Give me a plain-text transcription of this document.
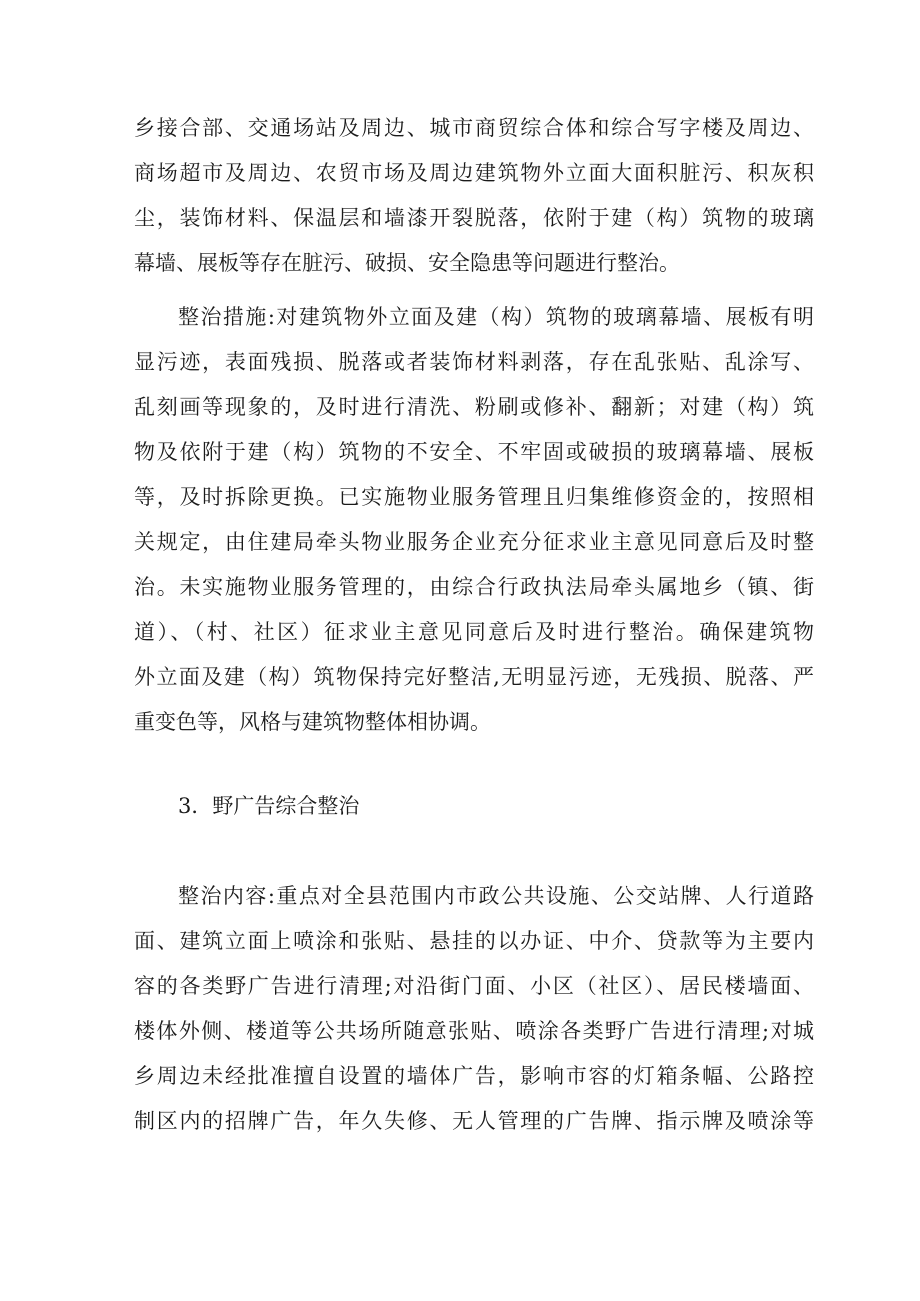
乡接合部、交通场站及周边、城市商贸综合体和综合写字楼及周边、
商场超市及周边、农贸市场及周边建筑物外立面大面积脏污、积灰积
尘，装饰材料、保温层和墙漆开裂脱落，依附于建（构）筑物的玻璃
幕墙、展板等存在脏污、破损、安全隐患等问题进行整治。
整治措施:对建筑物外立面及建（构）筑物的玻璃幕墙、展板有明
显污迹，表面残损、脱落或者装饰材料剥落，存在乱张贴、乱涂写、
乱刻画等现象的，及时进行清洗、粉刷或修补、翻新；对建（构）筑
物及依附于建（构）筑物的不安全、不牢固或破损的玻璃幕墙、展板
等，及时拆除更换。已实施物业服务管理且归集维修资金的，按照相
关规定，由住建局牵头物业服务企业充分征求业主意见同意后及时整
治。未实施物业服务管理的，由综合行政执法局牵头属地乡（镇、街
道）、（村、社区）征求业主意见同意后及时进行整治。确保建筑物
外立面及建（构）筑物保持完好整洁,无明显污迹，无残损、脱落、严
重变色等，风格与建筑物整体相协调。
3．野广告综合整治
整治内容:重点对全县范围内市政公共设施、公交站牌、人行道路
面、建筑立面上喷涂和张贴、悬挂的以办证、中介、贷款等为主要内
容的各类野广告进行清理;对沿街门面、小区（社区）、居民楼墙面、
楼体外侧、楼道等公共场所随意张贴、喷涂各类野广告进行清理;对城
乡周边未经批准擅自设置的墙体广告，影响市容的灯箱条幅、公路控
制区内的招牌广告，年久失修、无人管理的广告牌、指示牌及喷涂等
